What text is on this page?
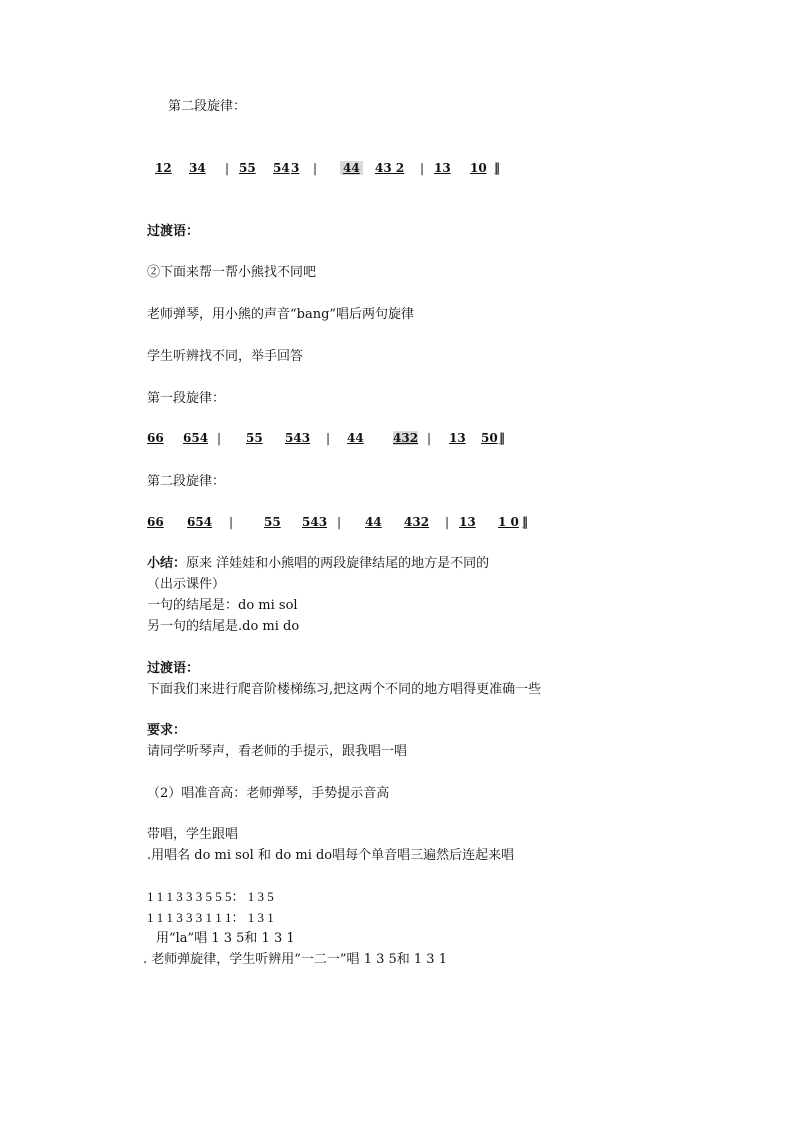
第二段旋律：
12 34 | 55 54 3 | 44 43 2 | 13 10 ‖
过渡语：
②下面来帮一帮小熊找不同吧
老师弹琴，用小熊的声音“bang”唱后两句旋律
学生听辨找不同，举手回答
第一段旋律：
66 654 | 55 543 | 44 432 | 13 50 ‖
第二段旋律：
66 654 |	55 543 | 44 432 | 13 1 0 ‖
小结：原来 洋娃娃和小熊唱的两段旋律结尾的地方是不同的
（出示课件）
一句的结尾是：do mi sol
另一句的结尾是.do mi do
过渡语：
下面我们来进行爬音阶楼梯练习,把这两个不同的地方唱得更准确一些
要求：
请同学听琴声，看老师的手提示，跟我唱一唱
（2）唱准音高：老师弹琴，手势提示音高
带唱，学生跟唱
.用唱名 do mi sol 和 do mi do唱每个单音唱三遍然后连起来唱
1 1 1 3 3 3 5 5 5： 1 3 5
1 1 1 3 3 3 1 1 1： 1 3 1
用“la”唱 1 3 5和 1 3 1
. 老师弹旋律，学生听辨用“一二一”唱 1 3 5和 1 3 1
